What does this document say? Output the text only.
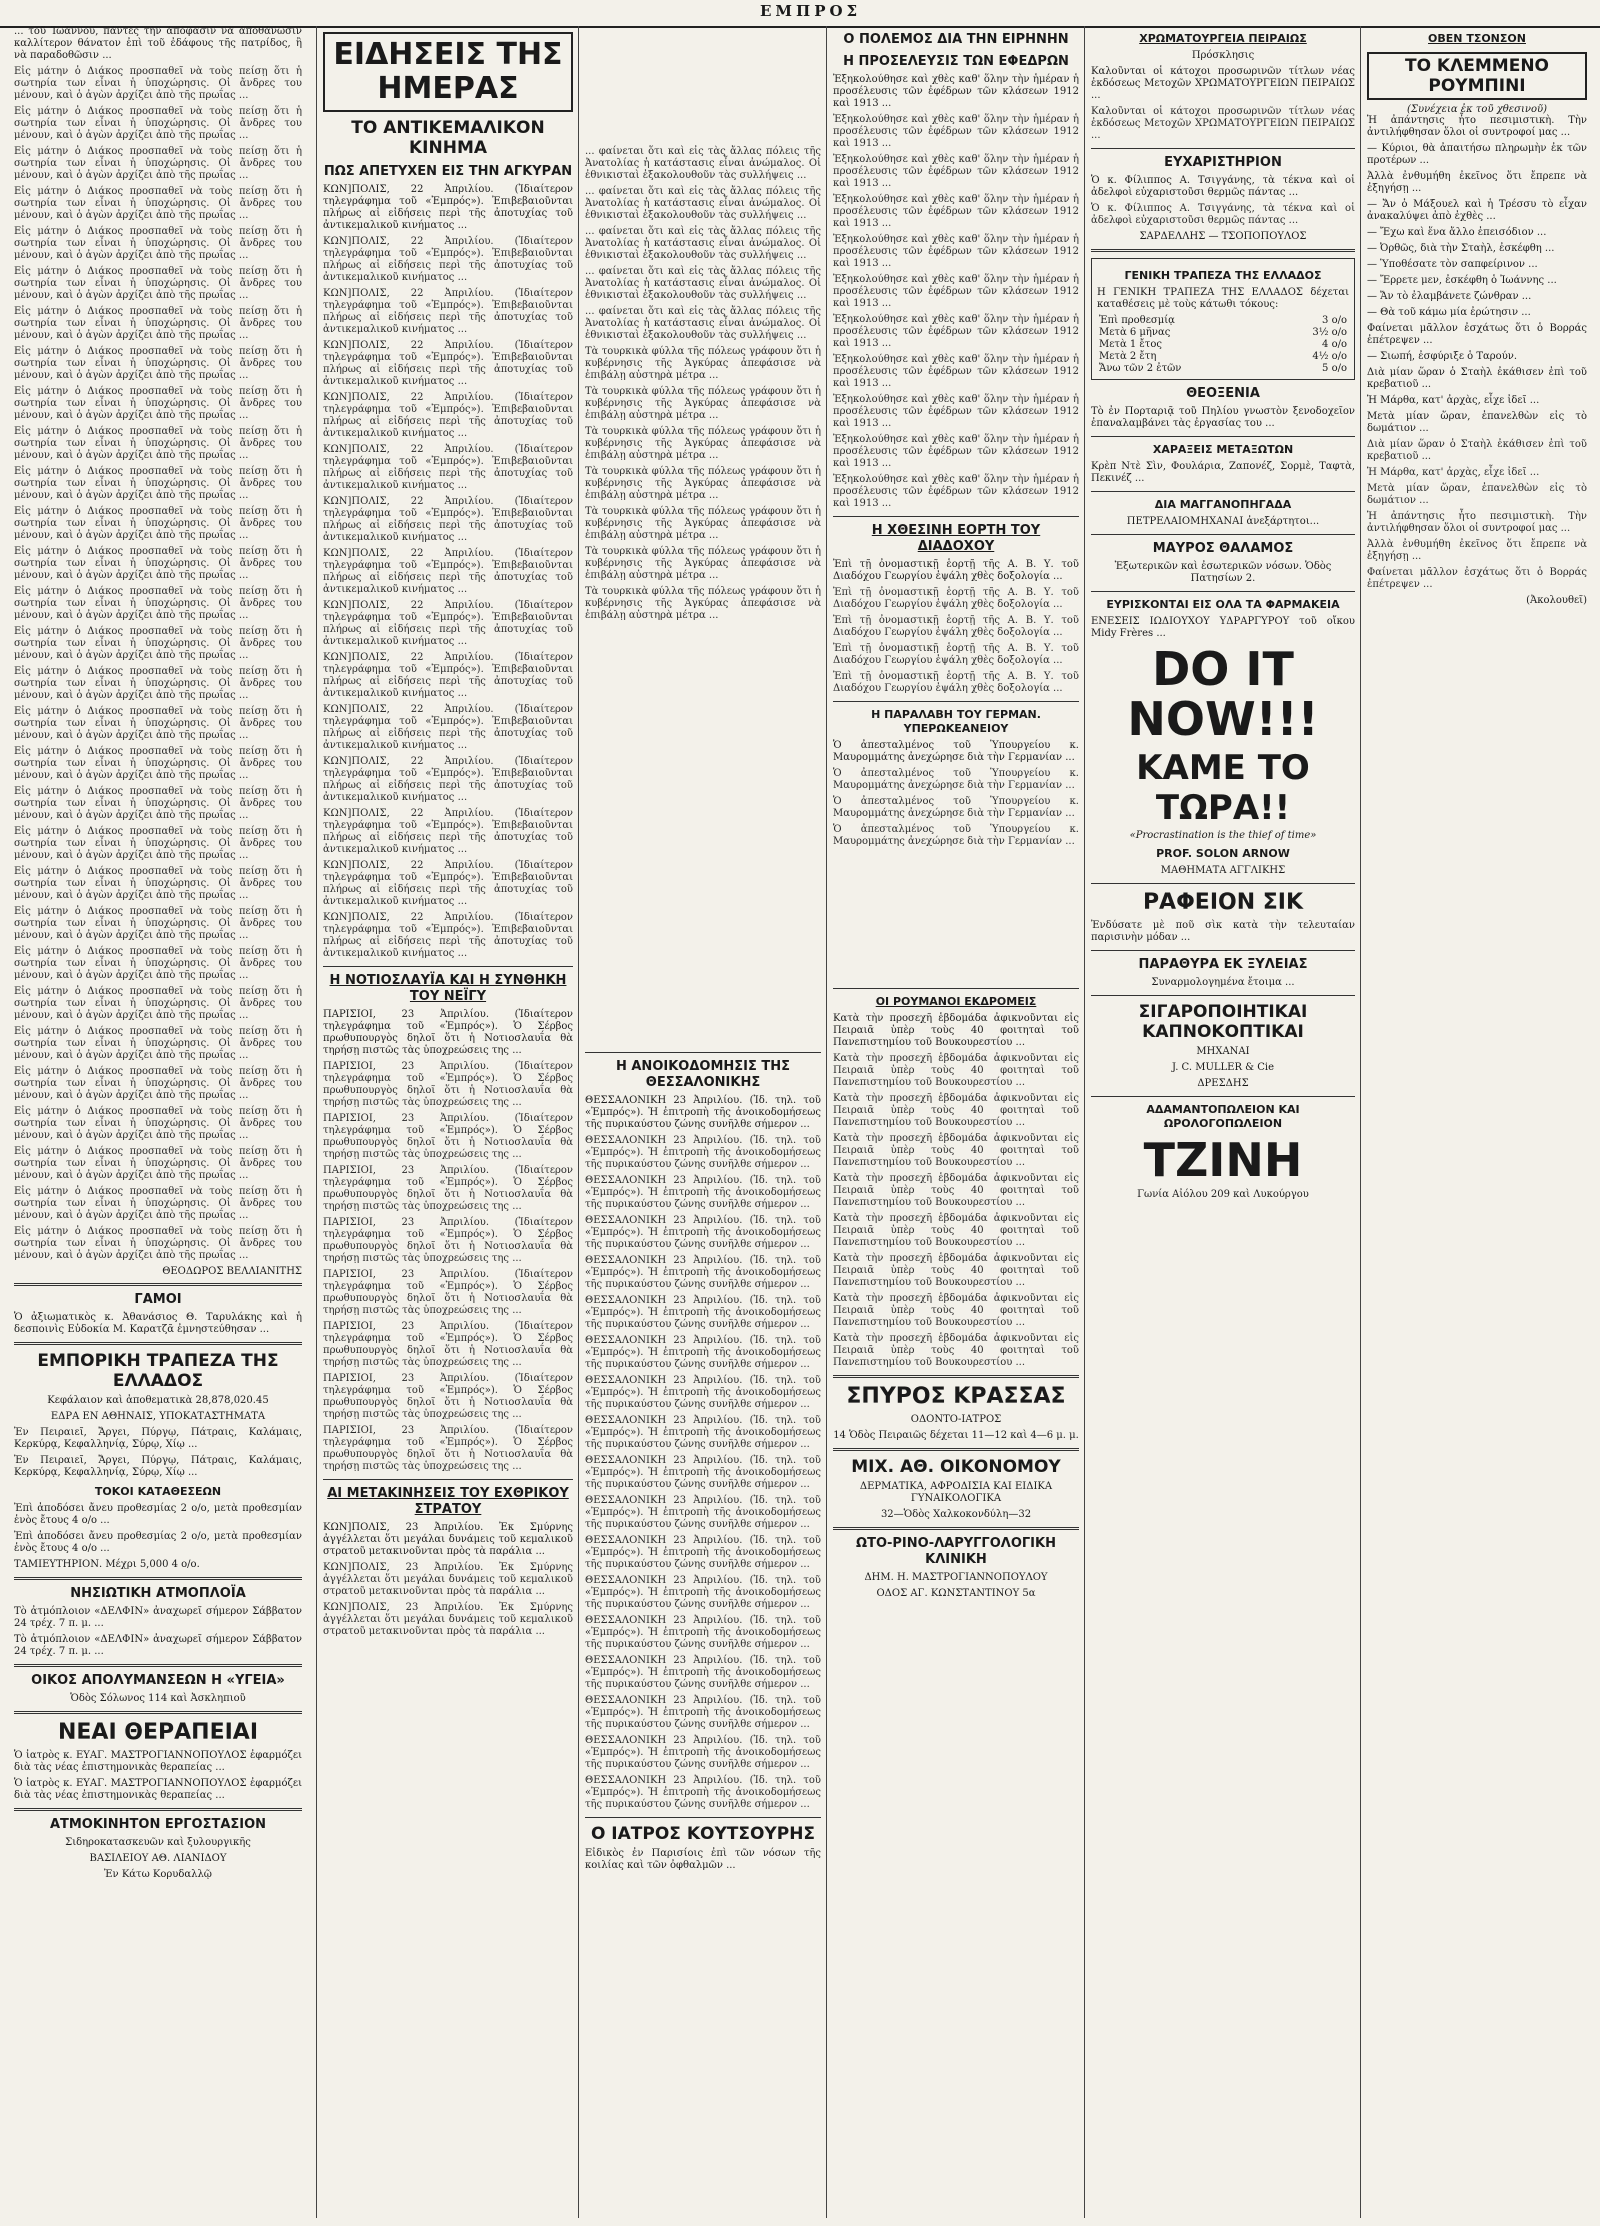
ΕΜΠΡΟΣ

... τοῦ Ἰωάννου, πάντες τὴν ἀπόφασιν νὰ ἀποθάνωσιν καλλίτερον θάνατον ἐπὶ τοῦ ἐδάφους τῆς πατρίδος, ἢ νὰ παραδοθῶσιν ...

Εἰς μάτην ὁ Διάκος προσπαθεῖ νὰ τοὺς πείσῃ ὅτι ἡ σωτηρία των εἶναι ἡ ὑποχώρησις. Οἱ ἄνδρες του μένουν, καὶ ὁ ἀγὼν ἀρχίζει ἀπὸ τῆς πρωΐας ...

Εἰς μάτην ὁ Διάκος προσπαθεῖ νὰ τοὺς πείσῃ ὅτι ἡ σωτηρία των εἶναι ἡ ὑποχώρησις. Οἱ ἄνδρες του μένουν, καὶ ὁ ἀγὼν ἀρχίζει ἀπὸ τῆς πρωΐας ...

Εἰς μάτην ὁ Διάκος προσπαθεῖ νὰ τοὺς πείσῃ ὅτι ἡ σωτηρία των εἶναι ἡ ὑποχώρησις. Οἱ ἄνδρες του μένουν, καὶ ὁ ἀγὼν ἀρχίζει ἀπὸ τῆς πρωΐας ...

Εἰς μάτην ὁ Διάκος προσπαθεῖ νὰ τοὺς πείσῃ ὅτι ἡ σωτηρία των εἶναι ἡ ὑποχώρησις. Οἱ ἄνδρες του μένουν, καὶ ὁ ἀγὼν ἀρχίζει ἀπὸ τῆς πρωΐας ...

Εἰς μάτην ὁ Διάκος προσπαθεῖ νὰ τοὺς πείσῃ ὅτι ἡ σωτηρία των εἶναι ἡ ὑποχώρησις. Οἱ ἄνδρες του μένουν, καὶ ὁ ἀγὼν ἀρχίζει ἀπὸ τῆς πρωΐας ...

Εἰς μάτην ὁ Διάκος προσπαθεῖ νὰ τοὺς πείσῃ ὅτι ἡ σωτηρία των εἶναι ἡ ὑποχώρησις. Οἱ ἄνδρες του μένουν, καὶ ὁ ἀγὼν ἀρχίζει ἀπὸ τῆς πρωΐας ...

Εἰς μάτην ὁ Διάκος προσπαθεῖ νὰ τοὺς πείσῃ ὅτι ἡ σωτηρία των εἶναι ἡ ὑποχώρησις. Οἱ ἄνδρες του μένουν, καὶ ὁ ἀγὼν ἀρχίζει ἀπὸ τῆς πρωΐας ...

Εἰς μάτην ὁ Διάκος προσπαθεῖ νὰ τοὺς πείσῃ ὅτι ἡ σωτηρία των εἶναι ἡ ὑποχώρησις. Οἱ ἄνδρες του μένουν, καὶ ὁ ἀγὼν ἀρχίζει ἀπὸ τῆς πρωΐας ...

Εἰς μάτην ὁ Διάκος προσπαθεῖ νὰ τοὺς πείσῃ ὅτι ἡ σωτηρία των εἶναι ἡ ὑποχώρησις. Οἱ ἄνδρες του μένουν, καὶ ὁ ἀγὼν ἀρχίζει ἀπὸ τῆς πρωΐας ...

Εἰς μάτην ὁ Διάκος προσπαθεῖ νὰ τοὺς πείσῃ ὅτι ἡ σωτηρία των εἶναι ἡ ὑποχώρησις. Οἱ ἄνδρες του μένουν, καὶ ὁ ἀγὼν ἀρχίζει ἀπὸ τῆς πρωΐας ...

Εἰς μάτην ὁ Διάκος προσπαθεῖ νὰ τοὺς πείσῃ ὅτι ἡ σωτηρία των εἶναι ἡ ὑποχώρησις. Οἱ ἄνδρες του μένουν, καὶ ὁ ἀγὼν ἀρχίζει ἀπὸ τῆς πρωΐας ...

Εἰς μάτην ὁ Διάκος προσπαθεῖ νὰ τοὺς πείσῃ ὅτι ἡ σωτηρία των εἶναι ἡ ὑποχώρησις. Οἱ ἄνδρες του μένουν, καὶ ὁ ἀγὼν ἀρχίζει ἀπὸ τῆς πρωΐας ...

Εἰς μάτην ὁ Διάκος προσπαθεῖ νὰ τοὺς πείσῃ ὅτι ἡ σωτηρία των εἶναι ἡ ὑποχώρησις. Οἱ ἄνδρες του μένουν, καὶ ὁ ἀγὼν ἀρχίζει ἀπὸ τῆς πρωΐας ...

Εἰς μάτην ὁ Διάκος προσπαθεῖ νὰ τοὺς πείσῃ ὅτι ἡ σωτηρία των εἶναι ἡ ὑποχώρησις. Οἱ ἄνδρες του μένουν, καὶ ὁ ἀγὼν ἀρχίζει ἀπὸ τῆς πρωΐας ...

Εἰς μάτην ὁ Διάκος προσπαθεῖ νὰ τοὺς πείσῃ ὅτι ἡ σωτηρία των εἶναι ἡ ὑποχώρησις. Οἱ ἄνδρες του μένουν, καὶ ὁ ἀγὼν ἀρχίζει ἀπὸ τῆς πρωΐας ...

Εἰς μάτην ὁ Διάκος προσπαθεῖ νὰ τοὺς πείσῃ ὅτι ἡ σωτηρία των εἶναι ἡ ὑποχώρησις. Οἱ ἄνδρες του μένουν, καὶ ὁ ἀγὼν ἀρχίζει ἀπὸ τῆς πρωΐας ...

Εἰς μάτην ὁ Διάκος προσπαθεῖ νὰ τοὺς πείσῃ ὅτι ἡ σωτηρία των εἶναι ἡ ὑποχώρησις. Οἱ ἄνδρες του μένουν, καὶ ὁ ἀγὼν ἀρχίζει ἀπὸ τῆς πρωΐας ...

Εἰς μάτην ὁ Διάκος προσπαθεῖ νὰ τοὺς πείσῃ ὅτι ἡ σωτηρία των εἶναι ἡ ὑποχώρησις. Οἱ ἄνδρες του μένουν, καὶ ὁ ἀγὼν ἀρχίζει ἀπὸ τῆς πρωΐας ...

Εἰς μάτην ὁ Διάκος προσπαθεῖ νὰ τοὺς πείσῃ ὅτι ἡ σωτηρία των εἶναι ἡ ὑποχώρησις. Οἱ ἄνδρες του μένουν, καὶ ὁ ἀγὼν ἀρχίζει ἀπὸ τῆς πρωΐας ...

Εἰς μάτην ὁ Διάκος προσπαθεῖ νὰ τοὺς πείσῃ ὅτι ἡ σωτηρία των εἶναι ἡ ὑποχώρησις. Οἱ ἄνδρες του μένουν, καὶ ὁ ἀγὼν ἀρχίζει ἀπὸ τῆς πρωΐας ...

Εἰς μάτην ὁ Διάκος προσπαθεῖ νὰ τοὺς πείσῃ ὅτι ἡ σωτηρία των εἶναι ἡ ὑποχώρησις. Οἱ ἄνδρες του μένουν, καὶ ὁ ἀγὼν ἀρχίζει ἀπὸ τῆς πρωΐας ...

Εἰς μάτην ὁ Διάκος προσπαθεῖ νὰ τοὺς πείσῃ ὅτι ἡ σωτηρία των εἶναι ἡ ὑποχώρησις. Οἱ ἄνδρες του μένουν, καὶ ὁ ἀγὼν ἀρχίζει ἀπὸ τῆς πρωΐας ...

Εἰς μάτην ὁ Διάκος προσπαθεῖ νὰ τοὺς πείσῃ ὅτι ἡ σωτηρία των εἶναι ἡ ὑποχώρησις. Οἱ ἄνδρες του μένουν, καὶ ὁ ἀγὼν ἀρχίζει ἀπὸ τῆς πρωΐας ...

Εἰς μάτην ὁ Διάκος προσπαθεῖ νὰ τοὺς πείσῃ ὅτι ἡ σωτηρία των εἶναι ἡ ὑποχώρησις. Οἱ ἄνδρες του μένουν, καὶ ὁ ἀγὼν ἀρχίζει ἀπὸ τῆς πρωΐας ...

Εἰς μάτην ὁ Διάκος προσπαθεῖ νὰ τοὺς πείσῃ ὅτι ἡ σωτηρία των εἶναι ἡ ὑποχώρησις. Οἱ ἄνδρες του μένουν, καὶ ὁ ἀγὼν ἀρχίζει ἀπὸ τῆς πρωΐας ...

Εἰς μάτην ὁ Διάκος προσπαθεῖ νὰ τοὺς πείσῃ ὅτι ἡ σωτηρία των εἶναι ἡ ὑποχώρησις. Οἱ ἄνδρες του μένουν, καὶ ὁ ἀγὼν ἀρχίζει ἀπὸ τῆς πρωΐας ...

Εἰς μάτην ὁ Διάκος προσπαθεῖ νὰ τοὺς πείσῃ ὅτι ἡ σωτηρία των εἶναι ἡ ὑποχώρησις. Οἱ ἄνδρες του μένουν, καὶ ὁ ἀγὼν ἀρχίζει ἀπὸ τῆς πρωΐας ...

Εἰς μάτην ὁ Διάκος προσπαθεῖ νὰ τοὺς πείσῃ ὅτι ἡ σωτηρία των εἶναι ἡ ὑποχώρησις. Οἱ ἄνδρες του μένουν, καὶ ὁ ἀγὼν ἀρχίζει ἀπὸ τῆς πρωΐας ...

Εἰς μάτην ὁ Διάκος προσπαθεῖ νὰ τοὺς πείσῃ ὅτι ἡ σωτηρία των εἶναι ἡ ὑποχώρησις. Οἱ ἄνδρες του μένουν, καὶ ὁ ἀγὼν ἀρχίζει ἀπὸ τῆς πρωΐας ...

Εἰς μάτην ὁ Διάκος προσπαθεῖ νὰ τοὺς πείσῃ ὅτι ἡ σωτηρία των εἶναι ἡ ὑποχώρησις. Οἱ ἄνδρες του μένουν, καὶ ὁ ἀγὼν ἀρχίζει ἀπὸ τῆς πρωΐας ...

ΘΕΟΔΩΡΟΣ ΒΕΛΛΙΑΝΙΤΗΣ
ΓΑΜΟΙ

Ὁ ἀξιωματικὸς κ. Ἀθανάσιος Θ. Ταρυλάκης καὶ ἡ δεσποινὶς Εὐδοκία Μ. Καρατζᾶ ἐμνηστεύθησαν ...

ΕΜΠΟΡΙΚΗ ΤΡΑΠΕΖΑ ΤΗΣ ΕΛΛΑΔΟΣ
Κεφάλαιον καὶ ἀποθεματικὰ 28,878,020.45
ΕΔΡΑ ΕΝ ΑΘΗΝΑΙΣ, ΥΠΟΚΑΤΑΣΤΗΜΑΤΑ

Ἐν Πειραιεῖ, Ἄργει, Πύργῳ, Πάτραις, Καλάμαις, Κερκύρᾳ, Κεφαλληνίᾳ, Σύρῳ, Χίῳ ...

Ἐν Πειραιεῖ, Ἄργει, Πύργῳ, Πάτραις, Καλάμαις, Κερκύρᾳ, Κεφαλληνίᾳ, Σύρῳ, Χίῳ ...

ΤΟΚΟΙ ΚΑΤΑΘΕΣΕΩΝ

Ἐπὶ ἀποδόσει ἄνευ προθεσμίας 2 ο/ο, μετὰ προθεσμίαν ἑνὸς ἔτους 4 ο/ο ...

Ἐπὶ ἀποδόσει ἄνευ προθεσμίας 2 ο/ο, μετὰ προθεσμίαν ἑνὸς ἔτους 4 ο/ο ...

ΤΑΜΙΕΥΤΗΡΙΟΝ. Μέχρι 5,000 4 ο/ο.

ΝΗΣΙΩΤΙΚΗ ΑΤΜΟΠΛΟΪΑ

Τὸ ἀτμόπλοιον «ΔΕΛΦΙΝ» ἀναχωρεῖ σήμερον Σάββατον 24 τρέχ. 7 π. μ. ...

Τὸ ἀτμόπλοιον «ΔΕΛΦΙΝ» ἀναχωρεῖ σήμερον Σάββατον 24 τρέχ. 7 π. μ. ...

ΟΙΚΟΣ ΑΠΟΛΥΜΑΝΣΕΩΝ Η «ΥΓΕΙΑ»
Ὁδὸς Σόλωνος 114 καὶ Ἀσκληπιοῦ
ΝΕΑΙ ΘΕΡΑΠΕΙΑΙ

Ὁ ἰατρὸς κ. ΕΥΑΓ. ΜΑΣΤΡΟΓΙΑΝΝΟΠΟΥΛΟΣ ἐφαρμόζει διὰ τὰς νέας ἐπιστημονικὰς θεραπείας ...

Ὁ ἰατρὸς κ. ΕΥΑΓ. ΜΑΣΤΡΟΓΙΑΝΝΟΠΟΥΛΟΣ ἐφαρμόζει διὰ τὰς νέας ἐπιστημονικὰς θεραπείας ...

ΑΤΜΟΚΙΝΗΤΟΝ ΕΡΓΟΣΤΑΣΙΟΝ
Σιδηροκατασκευῶν καὶ ξυλουργικῆς
ΒΑΣΙΛΕΙΟΥ ΑΘ. ΛΙΑΝΙΔΟΥ
Ἐν Κάτω Κορυδαλλῷ
ΕΙΔΗΣΕΙΣ ΤΗΣ ΗΜΕΡΑΣ
ΤΟ ΑΝΤΙΚΕΜΑΛΙΚΟΝ ΚΙΝΗΜΑ
ΠΩΣ ΑΠΕΤΥΧΕΝ ΕΙΣ ΤΗΝ ΑΓΚΥΡΑΝ

ΚΩΝ]ΠΟΛΙΣ, 22 Ἀπριλίου. (Ἰδιαίτερον τηλεγράφημα τοῦ «Ἐμπρός»). Ἐπιβεβαιοῦνται πλήρως αἱ εἰδήσεις περὶ τῆς ἀποτυχίας τοῦ ἀντικεμαλικοῦ κινήματος ...

ΚΩΝ]ΠΟΛΙΣ, 22 Ἀπριλίου. (Ἰδιαίτερον τηλεγράφημα τοῦ «Ἐμπρός»). Ἐπιβεβαιοῦνται πλήρως αἱ εἰδήσεις περὶ τῆς ἀποτυχίας τοῦ ἀντικεμαλικοῦ κινήματος ...

ΚΩΝ]ΠΟΛΙΣ, 22 Ἀπριλίου. (Ἰδιαίτερον τηλεγράφημα τοῦ «Ἐμπρός»). Ἐπιβεβαιοῦνται πλήρως αἱ εἰδήσεις περὶ τῆς ἀποτυχίας τοῦ ἀντικεμαλικοῦ κινήματος ...

ΚΩΝ]ΠΟΛΙΣ, 22 Ἀπριλίου. (Ἰδιαίτερον τηλεγράφημα τοῦ «Ἐμπρός»). Ἐπιβεβαιοῦνται πλήρως αἱ εἰδήσεις περὶ τῆς ἀποτυχίας τοῦ ἀντικεμαλικοῦ κινήματος ...

ΚΩΝ]ΠΟΛΙΣ, 22 Ἀπριλίου. (Ἰδιαίτερον τηλεγράφημα τοῦ «Ἐμπρός»). Ἐπιβεβαιοῦνται πλήρως αἱ εἰδήσεις περὶ τῆς ἀποτυχίας τοῦ ἀντικεμαλικοῦ κινήματος ...

ΚΩΝ]ΠΟΛΙΣ, 22 Ἀπριλίου. (Ἰδιαίτερον τηλεγράφημα τοῦ «Ἐμπρός»). Ἐπιβεβαιοῦνται πλήρως αἱ εἰδήσεις περὶ τῆς ἀποτυχίας τοῦ ἀντικεμαλικοῦ κινήματος ...

ΚΩΝ]ΠΟΛΙΣ, 22 Ἀπριλίου. (Ἰδιαίτερον τηλεγράφημα τοῦ «Ἐμπρός»). Ἐπιβεβαιοῦνται πλήρως αἱ εἰδήσεις περὶ τῆς ἀποτυχίας τοῦ ἀντικεμαλικοῦ κινήματος ...

ΚΩΝ]ΠΟΛΙΣ, 22 Ἀπριλίου. (Ἰδιαίτερον τηλεγράφημα τοῦ «Ἐμπρός»). Ἐπιβεβαιοῦνται πλήρως αἱ εἰδήσεις περὶ τῆς ἀποτυχίας τοῦ ἀντικεμαλικοῦ κινήματος ...

ΚΩΝ]ΠΟΛΙΣ, 22 Ἀπριλίου. (Ἰδιαίτερον τηλεγράφημα τοῦ «Ἐμπρός»). Ἐπιβεβαιοῦνται πλήρως αἱ εἰδήσεις περὶ τῆς ἀποτυχίας τοῦ ἀντικεμαλικοῦ κινήματος ...

ΚΩΝ]ΠΟΛΙΣ, 22 Ἀπριλίου. (Ἰδιαίτερον τηλεγράφημα τοῦ «Ἐμπρός»). Ἐπιβεβαιοῦνται πλήρως αἱ εἰδήσεις περὶ τῆς ἀποτυχίας τοῦ ἀντικεμαλικοῦ κινήματος ...

ΚΩΝ]ΠΟΛΙΣ, 22 Ἀπριλίου. (Ἰδιαίτερον τηλεγράφημα τοῦ «Ἐμπρός»). Ἐπιβεβαιοῦνται πλήρως αἱ εἰδήσεις περὶ τῆς ἀποτυχίας τοῦ ἀντικεμαλικοῦ κινήματος ...

ΚΩΝ]ΠΟΛΙΣ, 22 Ἀπριλίου. (Ἰδιαίτερον τηλεγράφημα τοῦ «Ἐμπρός»). Ἐπιβεβαιοῦνται πλήρως αἱ εἰδήσεις περὶ τῆς ἀποτυχίας τοῦ ἀντικεμαλικοῦ κινήματος ...

ΚΩΝ]ΠΟΛΙΣ, 22 Ἀπριλίου. (Ἰδιαίτερον τηλεγράφημα τοῦ «Ἐμπρός»). Ἐπιβεβαιοῦνται πλήρως αἱ εἰδήσεις περὶ τῆς ἀποτυχίας τοῦ ἀντικεμαλικοῦ κινήματος ...

ΚΩΝ]ΠΟΛΙΣ, 22 Ἀπριλίου. (Ἰδιαίτερον τηλεγράφημα τοῦ «Ἐμπρός»). Ἐπιβεβαιοῦνται πλήρως αἱ εἰδήσεις περὶ τῆς ἀποτυχίας τοῦ ἀντικεμαλικοῦ κινήματος ...

ΚΩΝ]ΠΟΛΙΣ, 22 Ἀπριλίου. (Ἰδιαίτερον τηλεγράφημα τοῦ «Ἐμπρός»). Ἐπιβεβαιοῦνται πλήρως αἱ εἰδήσεις περὶ τῆς ἀποτυχίας τοῦ ἀντικεμαλικοῦ κινήματος ...

Η ΝΟΤΙΟΣΛΑΥΪΑ ΚΑΙ Η ΣΥΝΘΗΚΗ ΤΟΥ ΝΕΪΓΥ

ΠΑΡΙΣΙΟΙ, 23 Ἀπριλίου. (Ἰδιαίτερον τηλεγράφημα τοῦ «Ἐμπρός»). Ὁ Σέρβος πρωθυπουργὸς δηλοῖ ὅτι ἡ Νοτιοσλαυΐα θὰ τηρήσῃ πιστῶς τὰς ὑποχρεώσεις της ...

ΠΑΡΙΣΙΟΙ, 23 Ἀπριλίου. (Ἰδιαίτερον τηλεγράφημα τοῦ «Ἐμπρός»). Ὁ Σέρβος πρωθυπουργὸς δηλοῖ ὅτι ἡ Νοτιοσλαυΐα θὰ τηρήσῃ πιστῶς τὰς ὑποχρεώσεις της ...

ΠΑΡΙΣΙΟΙ, 23 Ἀπριλίου. (Ἰδιαίτερον τηλεγράφημα τοῦ «Ἐμπρός»). Ὁ Σέρβος πρωθυπουργὸς δηλοῖ ὅτι ἡ Νοτιοσλαυΐα θὰ τηρήσῃ πιστῶς τὰς ὑποχρεώσεις της ...

ΠΑΡΙΣΙΟΙ, 23 Ἀπριλίου. (Ἰδιαίτερον τηλεγράφημα τοῦ «Ἐμπρός»). Ὁ Σέρβος πρωθυπουργὸς δηλοῖ ὅτι ἡ Νοτιοσλαυΐα θὰ τηρήσῃ πιστῶς τὰς ὑποχρεώσεις της ...

ΠΑΡΙΣΙΟΙ, 23 Ἀπριλίου. (Ἰδιαίτερον τηλεγράφημα τοῦ «Ἐμπρός»). Ὁ Σέρβος πρωθυπουργὸς δηλοῖ ὅτι ἡ Νοτιοσλαυΐα θὰ τηρήσῃ πιστῶς τὰς ὑποχρεώσεις της ...

ΠΑΡΙΣΙΟΙ, 23 Ἀπριλίου. (Ἰδιαίτερον τηλεγράφημα τοῦ «Ἐμπρός»). Ὁ Σέρβος πρωθυπουργὸς δηλοῖ ὅτι ἡ Νοτιοσλαυΐα θὰ τηρήσῃ πιστῶς τὰς ὑποχρεώσεις της ...

ΠΑΡΙΣΙΟΙ, 23 Ἀπριλίου. (Ἰδιαίτερον τηλεγράφημα τοῦ «Ἐμπρός»). Ὁ Σέρβος πρωθυπουργὸς δηλοῖ ὅτι ἡ Νοτιοσλαυΐα θὰ τηρήσῃ πιστῶς τὰς ὑποχρεώσεις της ...

ΠΑΡΙΣΙΟΙ, 23 Ἀπριλίου. (Ἰδιαίτερον τηλεγράφημα τοῦ «Ἐμπρός»). Ὁ Σέρβος πρωθυπουργὸς δηλοῖ ὅτι ἡ Νοτιοσλαυΐα θὰ τηρήσῃ πιστῶς τὰς ὑποχρεώσεις της ...

ΠΑΡΙΣΙΟΙ, 23 Ἀπριλίου. (Ἰδιαίτερον τηλεγράφημα τοῦ «Ἐμπρός»). Ὁ Σέρβος πρωθυπουργὸς δηλοῖ ὅτι ἡ Νοτιοσλαυΐα θὰ τηρήσῃ πιστῶς τὰς ὑποχρεώσεις της ...

ΑΙ ΜΕΤΑΚΙΝΗΣΕΙΣ ΤΟΥ ΕΧΘΡΙΚΟΥ ΣΤΡΑΤΟΥ

ΚΩΝ]ΠΟΛΙΣ, 23 Ἀπριλίου. Ἐκ Σμύρνης ἀγγέλλεται ὅτι μεγάλαι δυνάμεις τοῦ κεμαλικοῦ στρατοῦ μετακινοῦνται πρὸς τὰ παράλια ...

ΚΩΝ]ΠΟΛΙΣ, 23 Ἀπριλίου. Ἐκ Σμύρνης ἀγγέλλεται ὅτι μεγάλαι δυνάμεις τοῦ κεμαλικοῦ στρατοῦ μετακινοῦνται πρὸς τὰ παράλια ...

ΚΩΝ]ΠΟΛΙΣ, 23 Ἀπριλίου. Ἐκ Σμύρνης ἀγγέλλεται ὅτι μεγάλαι δυνάμεις τοῦ κεμαλικοῦ στρατοῦ μετακινοῦνται πρὸς τὰ παράλια ...

... φαίνεται ὅτι καὶ εἰς τὰς ἄλλας πόλεις τῆς Ἀνατολίας ἡ κατάστασις εἶναι ἀνώμαλος. Οἱ ἐθνικισταὶ ἐξακολουθοῦν τὰς συλλήψεις ...

... φαίνεται ὅτι καὶ εἰς τὰς ἄλλας πόλεις τῆς Ἀνατολίας ἡ κατάστασις εἶναι ἀνώμαλος. Οἱ ἐθνικισταὶ ἐξακολουθοῦν τὰς συλλήψεις ...

... φαίνεται ὅτι καὶ εἰς τὰς ἄλλας πόλεις τῆς Ἀνατολίας ἡ κατάστασις εἶναι ἀνώμαλος. Οἱ ἐθνικισταὶ ἐξακολουθοῦν τὰς συλλήψεις ...

... φαίνεται ὅτι καὶ εἰς τὰς ἄλλας πόλεις τῆς Ἀνατολίας ἡ κατάστασις εἶναι ἀνώμαλος. Οἱ ἐθνικισταὶ ἐξακολουθοῦν τὰς συλλήψεις ...

... φαίνεται ὅτι καὶ εἰς τὰς ἄλλας πόλεις τῆς Ἀνατολίας ἡ κατάστασις εἶναι ἀνώμαλος. Οἱ ἐθνικισταὶ ἐξακολουθοῦν τὰς συλλήψεις ...

Τὰ τουρκικὰ φύλλα τῆς πόλεως γράφουν ὅτι ἡ κυβέρνησις τῆς Ἀγκύρας ἀπεφάσισε νὰ ἐπιβάλῃ αὐστηρὰ μέτρα ...

Τὰ τουρκικὰ φύλλα τῆς πόλεως γράφουν ὅτι ἡ κυβέρνησις τῆς Ἀγκύρας ἀπεφάσισε νὰ ἐπιβάλῃ αὐστηρὰ μέτρα ...

Τὰ τουρκικὰ φύλλα τῆς πόλεως γράφουν ὅτι ἡ κυβέρνησις τῆς Ἀγκύρας ἀπεφάσισε νὰ ἐπιβάλῃ αὐστηρὰ μέτρα ...

Τὰ τουρκικὰ φύλλα τῆς πόλεως γράφουν ὅτι ἡ κυβέρνησις τῆς Ἀγκύρας ἀπεφάσισε νὰ ἐπιβάλῃ αὐστηρὰ μέτρα ...

Τὰ τουρκικὰ φύλλα τῆς πόλεως γράφουν ὅτι ἡ κυβέρνησις τῆς Ἀγκύρας ἀπεφάσισε νὰ ἐπιβάλῃ αὐστηρὰ μέτρα ...

Τὰ τουρκικὰ φύλλα τῆς πόλεως γράφουν ὅτι ἡ κυβέρνησις τῆς Ἀγκύρας ἀπεφάσισε νὰ ἐπιβάλῃ αὐστηρὰ μέτρα ...

Τὰ τουρκικὰ φύλλα τῆς πόλεως γράφουν ὅτι ἡ κυβέρνησις τῆς Ἀγκύρας ἀπεφάσισε νὰ ἐπιβάλῃ αὐστηρὰ μέτρα ...

Η ΑΝΟΙΚΟΔΟΜΗΣΙΣ ΤΗΣ ΘΕΣΣΑΛΟΝΙΚΗΣ

ΘΕΣΣΑΛΟΝΙΚΗ 23 Ἀπριλίου. (Ἰδ. τηλ. τοῦ «Ἐμπρός»). Ἡ ἐπιτροπὴ τῆς ἀνοικοδομήσεως τῆς πυρικαύστου ζώνης συνῆλθε σήμερον ...

ΘΕΣΣΑΛΟΝΙΚΗ 23 Ἀπριλίου. (Ἰδ. τηλ. τοῦ «Ἐμπρός»). Ἡ ἐπιτροπὴ τῆς ἀνοικοδομήσεως τῆς πυρικαύστου ζώνης συνῆλθε σήμερον ...

ΘΕΣΣΑΛΟΝΙΚΗ 23 Ἀπριλίου. (Ἰδ. τηλ. τοῦ «Ἐμπρός»). Ἡ ἐπιτροπὴ τῆς ἀνοικοδομήσεως τῆς πυρικαύστου ζώνης συνῆλθε σήμερον ...

ΘΕΣΣΑΛΟΝΙΚΗ 23 Ἀπριλίου. (Ἰδ. τηλ. τοῦ «Ἐμπρός»). Ἡ ἐπιτροπὴ τῆς ἀνοικοδομήσεως τῆς πυρικαύστου ζώνης συνῆλθε σήμερον ...

ΘΕΣΣΑΛΟΝΙΚΗ 23 Ἀπριλίου. (Ἰδ. τηλ. τοῦ «Ἐμπρός»). Ἡ ἐπιτροπὴ τῆς ἀνοικοδομήσεως τῆς πυρικαύστου ζώνης συνῆλθε σήμερον ...

ΘΕΣΣΑΛΟΝΙΚΗ 23 Ἀπριλίου. (Ἰδ. τηλ. τοῦ «Ἐμπρός»). Ἡ ἐπιτροπὴ τῆς ἀνοικοδομήσεως τῆς πυρικαύστου ζώνης συνῆλθε σήμερον ...

ΘΕΣΣΑΛΟΝΙΚΗ 23 Ἀπριλίου. (Ἰδ. τηλ. τοῦ «Ἐμπρός»). Ἡ ἐπιτροπὴ τῆς ἀνοικοδομήσεως τῆς πυρικαύστου ζώνης συνῆλθε σήμερον ...

ΘΕΣΣΑΛΟΝΙΚΗ 23 Ἀπριλίου. (Ἰδ. τηλ. τοῦ «Ἐμπρός»). Ἡ ἐπιτροπὴ τῆς ἀνοικοδομήσεως τῆς πυρικαύστου ζώνης συνῆλθε σήμερον ...

ΘΕΣΣΑΛΟΝΙΚΗ 23 Ἀπριλίου. (Ἰδ. τηλ. τοῦ «Ἐμπρός»). Ἡ ἐπιτροπὴ τῆς ἀνοικοδομήσεως τῆς πυρικαύστου ζώνης συνῆλθε σήμερον ...

ΘΕΣΣΑΛΟΝΙΚΗ 23 Ἀπριλίου. (Ἰδ. τηλ. τοῦ «Ἐμπρός»). Ἡ ἐπιτροπὴ τῆς ἀνοικοδομήσεως τῆς πυρικαύστου ζώνης συνῆλθε σήμερον ...

ΘΕΣΣΑΛΟΝΙΚΗ 23 Ἀπριλίου. (Ἰδ. τηλ. τοῦ «Ἐμπρός»). Ἡ ἐπιτροπὴ τῆς ἀνοικοδομήσεως τῆς πυρικαύστου ζώνης συνῆλθε σήμερον ...

ΘΕΣΣΑΛΟΝΙΚΗ 23 Ἀπριλίου. (Ἰδ. τηλ. τοῦ «Ἐμπρός»). Ἡ ἐπιτροπὴ τῆς ἀνοικοδομήσεως τῆς πυρικαύστου ζώνης συνῆλθε σήμερον ...

ΘΕΣΣΑΛΟΝΙΚΗ 23 Ἀπριλίου. (Ἰδ. τηλ. τοῦ «Ἐμπρός»). Ἡ ἐπιτροπὴ τῆς ἀνοικοδομήσεως τῆς πυρικαύστου ζώνης συνῆλθε σήμερον ...

ΘΕΣΣΑΛΟΝΙΚΗ 23 Ἀπριλίου. (Ἰδ. τηλ. τοῦ «Ἐμπρός»). Ἡ ἐπιτροπὴ τῆς ἀνοικοδομήσεως τῆς πυρικαύστου ζώνης συνῆλθε σήμερον ...

ΘΕΣΣΑΛΟΝΙΚΗ 23 Ἀπριλίου. (Ἰδ. τηλ. τοῦ «Ἐμπρός»). Ἡ ἐπιτροπὴ τῆς ἀνοικοδομήσεως τῆς πυρικαύστου ζώνης συνῆλθε σήμερον ...

ΘΕΣΣΑΛΟΝΙΚΗ 23 Ἀπριλίου. (Ἰδ. τηλ. τοῦ «Ἐμπρός»). Ἡ ἐπιτροπὴ τῆς ἀνοικοδομήσεως τῆς πυρικαύστου ζώνης συνῆλθε σήμερον ...

ΘΕΣΣΑΛΟΝΙΚΗ 23 Ἀπριλίου. (Ἰδ. τηλ. τοῦ «Ἐμπρός»). Ἡ ἐπιτροπὴ τῆς ἀνοικοδομήσεως τῆς πυρικαύστου ζώνης συνῆλθε σήμερον ...

ΘΕΣΣΑΛΟΝΙΚΗ 23 Ἀπριλίου. (Ἰδ. τηλ. τοῦ «Ἐμπρός»). Ἡ ἐπιτροπὴ τῆς ἀνοικοδομήσεως τῆς πυρικαύστου ζώνης συνῆλθε σήμερον ...

Ο ΙΑΤΡΟΣ ΚΟΥΤΣΟΥΡΗΣ

Εἰδικὸς ἐν Παρισίοις ἐπὶ τῶν νόσων τῆς κοιλίας καὶ τῶν ὀφθαλμῶν ...

Ο ΠΟΛΕΜΟΣ ΔΙΑ ΤΗΝ ΕΙΡΗΝΗΝ
Η ΠΡΟΣΕΛΕΥΣΙΣ ΤΩΝ ΕΦΕΔΡΩΝ

Ἐξηκολούθησε καὶ χθὲς καθ' ὅλην τὴν ἡμέραν ἡ προσέλευσις τῶν ἐφέδρων τῶν κλάσεων 1912 καὶ 1913 ...

Ἐξηκολούθησε καὶ χθὲς καθ' ὅλην τὴν ἡμέραν ἡ προσέλευσις τῶν ἐφέδρων τῶν κλάσεων 1912 καὶ 1913 ...

Ἐξηκολούθησε καὶ χθὲς καθ' ὅλην τὴν ἡμέραν ἡ προσέλευσις τῶν ἐφέδρων τῶν κλάσεων 1912 καὶ 1913 ...

Ἐξηκολούθησε καὶ χθὲς καθ' ὅλην τὴν ἡμέραν ἡ προσέλευσις τῶν ἐφέδρων τῶν κλάσεων 1912 καὶ 1913 ...

Ἐξηκολούθησε καὶ χθὲς καθ' ὅλην τὴν ἡμέραν ἡ προσέλευσις τῶν ἐφέδρων τῶν κλάσεων 1912 καὶ 1913 ...

Ἐξηκολούθησε καὶ χθὲς καθ' ὅλην τὴν ἡμέραν ἡ προσέλευσις τῶν ἐφέδρων τῶν κλάσεων 1912 καὶ 1913 ...

Ἐξηκολούθησε καὶ χθὲς καθ' ὅλην τὴν ἡμέραν ἡ προσέλευσις τῶν ἐφέδρων τῶν κλάσεων 1912 καὶ 1913 ...

Ἐξηκολούθησε καὶ χθὲς καθ' ὅλην τὴν ἡμέραν ἡ προσέλευσις τῶν ἐφέδρων τῶν κλάσεων 1912 καὶ 1913 ...

Ἐξηκολούθησε καὶ χθὲς καθ' ὅλην τὴν ἡμέραν ἡ προσέλευσις τῶν ἐφέδρων τῶν κλάσεων 1912 καὶ 1913 ...

Ἐξηκολούθησε καὶ χθὲς καθ' ὅλην τὴν ἡμέραν ἡ προσέλευσις τῶν ἐφέδρων τῶν κλάσεων 1912 καὶ 1913 ...

Ἐξηκολούθησε καὶ χθὲς καθ' ὅλην τὴν ἡμέραν ἡ προσέλευσις τῶν ἐφέδρων τῶν κλάσεων 1912 καὶ 1913 ...

Η ΧΘΕΣΙΝΗ ΕΟΡΤΗ ΤΟΥ ΔΙΑΔΟΧΟΥ

Ἐπὶ τῇ ὀνομαστικῇ ἑορτῇ τῆς Α. Β. Υ. τοῦ Διαδόχου Γεωργίου ἐψάλη χθὲς δοξολογία ...

Ἐπὶ τῇ ὀνομαστικῇ ἑορτῇ τῆς Α. Β. Υ. τοῦ Διαδόχου Γεωργίου ἐψάλη χθὲς δοξολογία ...

Ἐπὶ τῇ ὀνομαστικῇ ἑορτῇ τῆς Α. Β. Υ. τοῦ Διαδόχου Γεωργίου ἐψάλη χθὲς δοξολογία ...

Ἐπὶ τῇ ὀνομαστικῇ ἑορτῇ τῆς Α. Β. Υ. τοῦ Διαδόχου Γεωργίου ἐψάλη χθὲς δοξολογία ...

Ἐπὶ τῇ ὀνομαστικῇ ἑορτῇ τῆς Α. Β. Υ. τοῦ Διαδόχου Γεωργίου ἐψάλη χθὲς δοξολογία ...

Η ΠΑΡΑΛΑΒΗ ΤΟΥ ΓΕΡΜΑΝ. ΥΠΕΡΩΚΕΑΝΕΙΟΥ

Ὁ ἀπεσταλμένος τοῦ Ὑπουργείου κ. Μαυρομμάτης ἀνεχώρησε διὰ τὴν Γερμανίαν ...

Ὁ ἀπεσταλμένος τοῦ Ὑπουργείου κ. Μαυρομμάτης ἀνεχώρησε διὰ τὴν Γερμανίαν ...

Ὁ ἀπεσταλμένος τοῦ Ὑπουργείου κ. Μαυρομμάτης ἀνεχώρησε διὰ τὴν Γερμανίαν ...

Ὁ ἀπεσταλμένος τοῦ Ὑπουργείου κ. Μαυρομμάτης ἀνεχώρησε διὰ τὴν Γερμανίαν ...

ΟΙ ΡΟΥΜΑΝΟΙ ΕΚΔΡΟΜΕΙΣ

Κατὰ τὴν προσεχῆ ἑβδομάδα ἀφικνοῦνται εἰς Πειραιᾶ ὑπὲρ τοὺς 40 φοιτηταὶ τοῦ Πανεπιστημίου τοῦ Βουκουρεστίου ...

Κατὰ τὴν προσεχῆ ἑβδομάδα ἀφικνοῦνται εἰς Πειραιᾶ ὑπὲρ τοὺς 40 φοιτηταὶ τοῦ Πανεπιστημίου τοῦ Βουκουρεστίου ...

Κατὰ τὴν προσεχῆ ἑβδομάδα ἀφικνοῦνται εἰς Πειραιᾶ ὑπὲρ τοὺς 40 φοιτηταὶ τοῦ Πανεπιστημίου τοῦ Βουκουρεστίου ...

Κατὰ τὴν προσεχῆ ἑβδομάδα ἀφικνοῦνται εἰς Πειραιᾶ ὑπὲρ τοὺς 40 φοιτηταὶ τοῦ Πανεπιστημίου τοῦ Βουκουρεστίου ...

Κατὰ τὴν προσεχῆ ἑβδομάδα ἀφικνοῦνται εἰς Πειραιᾶ ὑπὲρ τοὺς 40 φοιτηταὶ τοῦ Πανεπιστημίου τοῦ Βουκουρεστίου ...

Κατὰ τὴν προσεχῆ ἑβδομάδα ἀφικνοῦνται εἰς Πειραιᾶ ὑπὲρ τοὺς 40 φοιτηταὶ τοῦ Πανεπιστημίου τοῦ Βουκουρεστίου ...

Κατὰ τὴν προσεχῆ ἑβδομάδα ἀφικνοῦνται εἰς Πειραιᾶ ὑπὲρ τοὺς 40 φοιτηταὶ τοῦ Πανεπιστημίου τοῦ Βουκουρεστίου ...

Κατὰ τὴν προσεχῆ ἑβδομάδα ἀφικνοῦνται εἰς Πειραιᾶ ὑπὲρ τοὺς 40 φοιτηταὶ τοῦ Πανεπιστημίου τοῦ Βουκουρεστίου ...

Κατὰ τὴν προσεχῆ ἑβδομάδα ἀφικνοῦνται εἰς Πειραιᾶ ὑπὲρ τοὺς 40 φοιτηταὶ τοῦ Πανεπιστημίου τοῦ Βουκουρεστίου ...

ΣΠΥΡΟΣ ΚΡΑΣΣΑΣ
ΟΔΟΝΤΟ-ΙΑΤΡΟΣ
14 Ὁδὸς Πειραιῶς δέχεται 11—12 καὶ 4—6 μ. μ.
ΜΙΧ. ΑΘ. ΟΙΚΟΝΟΜΟΥ
ΔΕΡΜΑΤΙΚΑ, ΑΦΡΟΔΙΣΙΑ ΚΑΙ ΕΙΔΙΚΑ ΓΥΝΑΙΚΟΛΟΓΙΚΑ
32—Ὁδὸς Χαλκοκονδύλη—32
ΩΤΟ-ΡΙΝΟ-ΛΑΡΥΓΓΟΛΟΓΙΚΗ ΚΛΙΝΙΚΗ
ΔΗΜ. Η. ΜΑΣΤΡΟΓΙΑΝΝΟΠΟΥΛΟΥ
ΟΔΟΣ ΑΓ. ΚΩΝΣΤΑΝΤΙΝΟΥ 5α
ΧΡΩΜΑΤΟΥΡΓΕΙΑ ΠΕΙΡΑΙΩΣ
Πρόσκλησις

Καλοῦνται οἱ κάτοχοι προσωρινῶν τίτλων νέας ἐκδόσεως Μετοχῶν ΧΡΩΜΑΤΟΥΡΓΕΙΩΝ ΠΕΙΡΑΙΩΣ ...

Καλοῦνται οἱ κάτοχοι προσωρινῶν τίτλων νέας ἐκδόσεως Μετοχῶν ΧΡΩΜΑΤΟΥΡΓΕΙΩΝ ΠΕΙΡΑΙΩΣ ...

ΕΥΧΑΡΙΣΤΗΡΙΟΝ

Ὁ κ. Φίλιππος Α. Τσιγγάνης, τὰ τέκνα καὶ οἱ ἀδελφοὶ εὐχαριστοῦσι θερμῶς πάντας ...

Ὁ κ. Φίλιππος Α. Τσιγγάνης, τὰ τέκνα καὶ οἱ ἀδελφοὶ εὐχαριστοῦσι θερμῶς πάντας ...

ΣΑΡΔΕΛΛΗΣ — ΤΣΟΠΟΠΟΥΛΟΣ
ΓΕΝΙΚΗ ΤΡΑΠΕΖΑ ΤΗΣ ΕΛΛΑΔΟΣ

Η ΓΕΝΙΚΗ ΤΡΑΠΕΖΑ ΤΗΣ ΕΛΛΑΔΟΣ δέχεται καταθέσεις μὲ τοὺς κάτωθι τόκους:

Ἐπὶ προθεσμίᾳ	3 ο/ο
Μετὰ 6 μῆνας	3½ ο/ο
Μετὰ 1 ἔτος	4 ο/ο
Μετὰ 2 ἔτη	4½ ο/ο
Ἄνω τῶν 2 ἐτῶν	5 ο/ο
ΘΕΟΞΕΝΙΑ

Τὸ ἐν Πορταριᾷ τοῦ Πηλίου γνωστὸν ξενοδοχεῖον ἐπαναλαμβάνει τὰς ἐργασίας του ...

ΧΑΡΑΞΕΙΣ ΜΕΤΑΞΩΤΩΝ

Κρὲπ Ντὲ Σὶν, Φουλάρια, Ζαπονέζ, Σορμὲ, Ταφτὰ, Πεκινέζ ...

ΔΙΑ ΜΑΓΓΑΝΟΠΗΓΑΔΑ
ΠΕΤΡΕΛΑΙΟΜΗΧΑΝΑΙ ἀνεξάρτητοι...
ΜΑΥΡΟΣ ΘΑΛΑΜΟΣ
Ἐξωτερικῶν καὶ ἐσωτερικῶν νόσων. Ὁδὸς Πατησίων 2.
ΕΥΡΙΣΚΟΝΤΑΙ ΕΙΣ ΟΛΑ ΤΑ ΦΑΡΜΑΚΕΙΑ

ΕΝΕΣΕΙΣ ΙΩΔΙΟΥΧΟΥ ΥΔΡΑΡΓΥΡΟΥ τοῦ οἴκου Midy Frères ...

DO IT NOW!!!
ΚΑΜΕ ΤΟ ΤΩΡΑ!!
«Procrastination is the thief of time»
PROF. SOLON ARNOW
ΜΑΘΗΜΑΤΑ ΑΓΓΛΙΚΗΣ
ΡΑΦΕΙΟΝ ΣΙΚ

Ἐνδύσατε μὲ ποῦ σὶκ κατὰ τὴν τελευταίαν παρισινὴν μόδαν ...

ΠΑΡΑΘΥΡΑ ΕΚ ΞΥΛΕΙΑΣ
Συναρμολογημένα ἔτοιμα ...
ΣΙΓΑΡΟΠΟΙΗΤΙΚΑΙ ΚΑΠΝΟΚΟΠΤΙΚΑΙ
ΜΗΧΑΝΑΙ
J. C. MULLER & Cie
ΔΡΕΣΔΗΣ
ΑΔΑΜΑΝΤΟΠΩΛΕΙΟΝ ΚΑΙ ΩΡΟΛΟΓΟΠΩΛΕΙΟΝ
ΤΖΙΝΗ
Γωνία Αἰόλου 209 καὶ Λυκούργου
ΟΒΕΝ ΤΣΟΝΣΟΝ
ΤΟ ΚΛΕΜΜΕΝΟ ΡΟΥΜΠΙΝΙ
(Συνέχεια ἐκ τοῦ χθεσινοῦ)

Ἡ ἀπάντησις ἦτο πεσιμιστικὴ. Τὴν ἀντιλήφθησαν ὅλοι οἱ συντροφοί μας ...

— Κύριοι, θὰ ἀπαιτήσω πληρωμὴν ἐκ τῶν προτέρων ...

Ἀλλὰ ἐνθυμήθη ἐκεῖνος ὅτι ἔπρεπε νὰ ἐξηγήσῃ ...

— Ἄν ὁ Μάξουελ καὶ ἡ Τρέσσυ τὸ εἶχαν ἀνακαλύψει ἀπὸ ἐχθὲς ...

— Ἔχω καὶ ἕνα ἄλλο ἐπεισόδιον ...

— Ὀρθῶς, διὰ τὴν Σταὴλ, ἐσκέφθη ...

— Ὑποθέσατε τὸν σαπφείρινον ...

— Ἔρρετε μεν, ἐσκέφθη ὁ Ἰωάννης ...

— Ἄν τὸ ἐλαμβάνετε ζώνθραν ...

— Θὰ τοῦ κάμω μία ἐρώτησιν ...

Φαίνεται μᾶλλον ἐσχάτως ὅτι ὁ Βορράς ἐπέτρεψεν ...

— Σιωπή, ἐσφύριξε ὁ Ταρούν.

Διὰ μίαν ὥραν ὁ Σταὴλ ἐκάθισεν ἐπὶ τοῦ κρεβατιοῦ ...

Ἡ Μάρθα, κατ' ἀρχὰς, εἶχε ἰδεῖ ...

Μετὰ μίαν ὥραν, ἐπανελθὼν εἰς τὸ δωμάτιον ...

Διὰ μίαν ὥραν ὁ Σταὴλ ἐκάθισεν ἐπὶ τοῦ κρεβατιοῦ ...

Ἡ Μάρθα, κατ' ἀρχὰς, εἶχε ἰδεῖ ...

Μετὰ μίαν ὥραν, ἐπανελθὼν εἰς τὸ δωμάτιον ...

Ἡ ἀπάντησις ἦτο πεσιμιστικὴ. Τὴν ἀντιλήφθησαν ὅλοι οἱ συντροφοί μας ...

Ἀλλὰ ἐνθυμήθη ἐκεῖνος ὅτι ἔπρεπε νὰ ἐξηγήσῃ ...

Φαίνεται μᾶλλον ἐσχάτως ὅτι ὁ Βορράς ἐπέτρεψεν ...

(Ἀκολουθεῖ)
